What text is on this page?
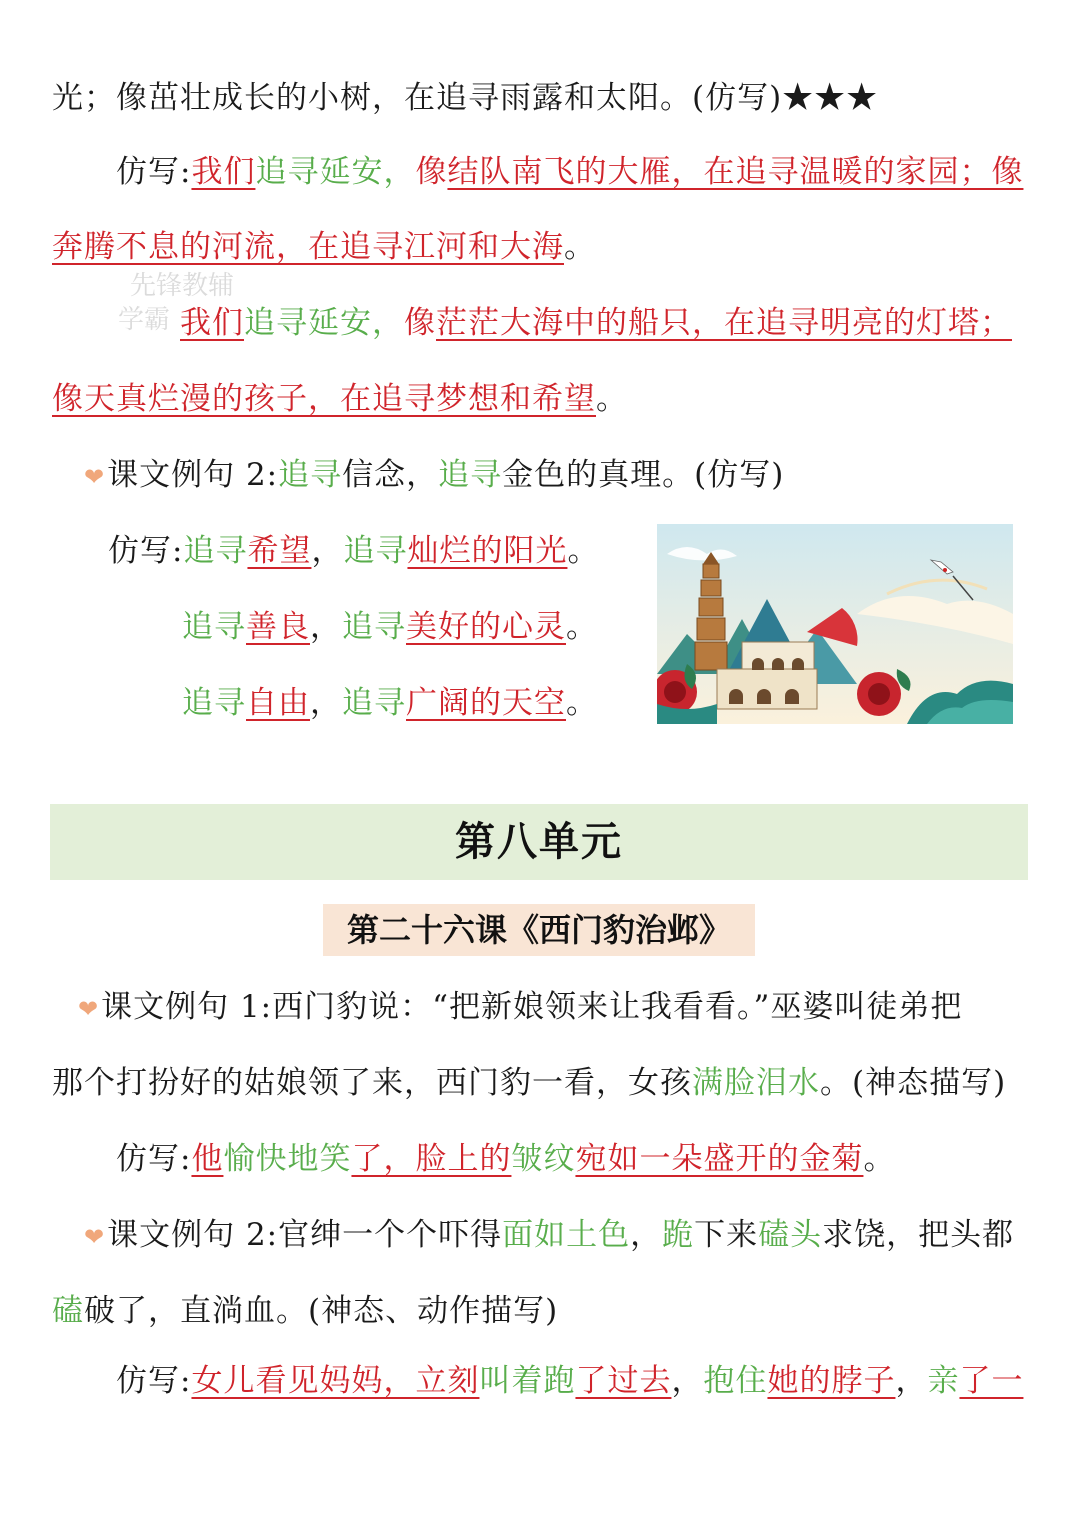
光；像茁壮成长的小树，在追寻雨露和太阳。(仿写)★★★
仿写:我们追寻延安，像结队南飞的大雁，在追寻温暖的家园；像
奔腾不息的河流，在追寻江河和大海。
先锋教辅
学霸 我们追寻延安，像茫茫大海中的船只，在追寻明亮的灯塔；
像天真烂漫的孩子，在追寻梦想和希望。
❤课文例句 2:追寻信念，追寻金色的真理。(仿写)
仿写:追寻希望，追寻灿烂的阳光。
追寻善良，追寻美好的心灵。
追寻自由，追寻广阔的天空。
第八单元
第二十六课《西门豹治邺》
❤课文例句 1:西门豹说：“把新娘领来让我看看。”巫婆叫徒弟把
那个打扮好的姑娘领了来，西门豹一看，女孩满脸泪水。(神态描写)
仿写:他愉快地笑了，脸上的皱纹宛如一朵盛开的金菊。
❤课文例句 2:官绅一个个吓得面如土色，跪下来磕头求饶，把头都
磕破了，直淌血。(神态、动作描写)
仿写:女儿看见妈妈，立刻叫着跑了过去，抱住她的脖子，亲了一
